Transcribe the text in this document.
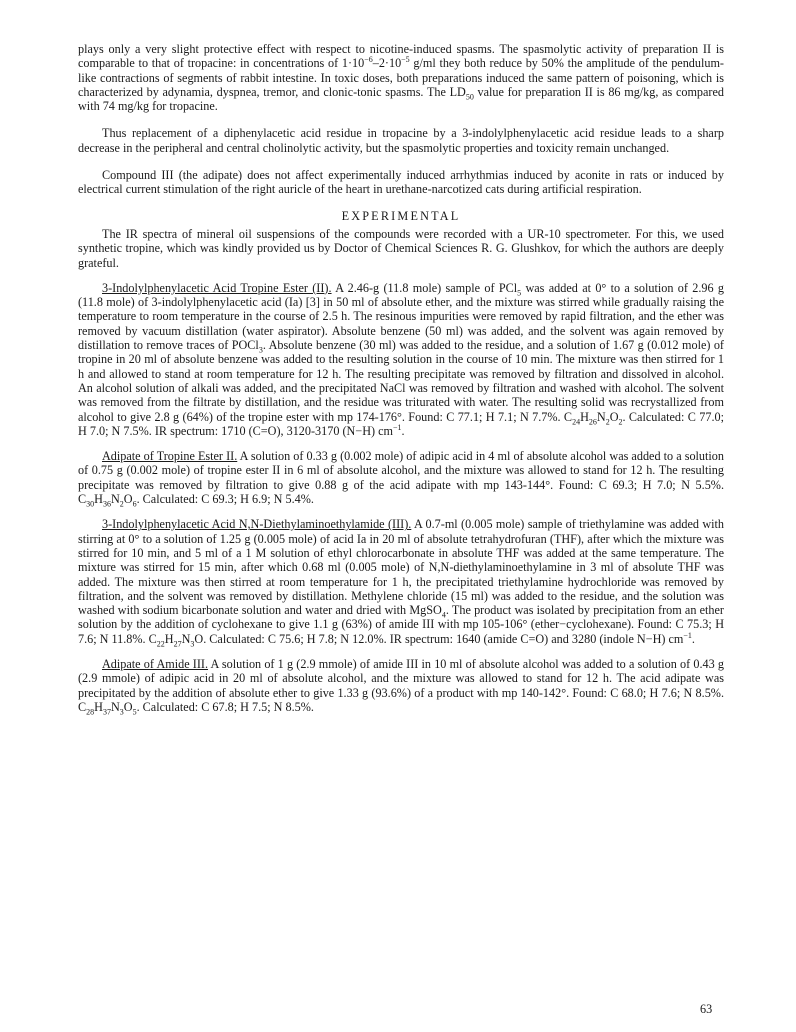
plays only a very slight protective effect with respect to nicotine-induced spasms. The spasmolytic activity of preparation II is comparable to that of tropacine: in concentrations of $1\cdot 10^{-6}-2\cdot 10^{-5}$ g/ml they both reduce by 50% the amplitude of the pendulum-like contractions of segments of rabbit intestine. In toxic doses, both preparations induced the same pattern of poisoning, which is characterized by adynamia, dyspnea, tremor, and clonic-tonic spasms. The $LD_{50}$ value for preparation II is 86 mg/kg, as compared with 74 mg/kg for tropacine.

Thus replacement of a diphenylacetic acid residue in tropacine by a 3-indolylphenylacetic acid residue leads to a sharp decrease in the peripheral and central cholinolytic activity, but the spasmolytic properties and toxicity remain unchanged.

Compound III (the adipate) does not affect experimentally induced arrhythmias induced by aconite in rats or induced by electrical current stimulation of the right auricle of the heart in urethane-narcotized cats during artificial respiration.

EXPERIMENTAL

The IR spectra of mineral oil suspensions of the compounds were recorded with a UR-10 spectrometer. For this, we used synthetic tropine, which was kindly provided us by Doctor of Chemical Sciences R. G. Glushkov, for which the authors are deeply grateful.

3-Indolylphenylacetic Acid Tropine Ester (II). A 2.46-g (11.8 mole) sample of PCl$_5$ was added at 0° to a solution of 2.96 g (11.8 mole) of 3-indolylphenylacetic acid (Ia) [3] in 50 ml of absolute ether, and the mixture was stirred while gradually raising the temperature to room temperature in the course of 2.5 h. The resinous impurities were removed by rapid filtration, and the ether was removed by vacuum distillation (water aspirator). Absolute benzene (50 ml) was added, and the solvent was again removed by distillation to remove traces of POCl$_3$. Absolute benzene (30 ml) was added to the residue, and a solution of 1.67 g (0.012 mole) of tropine in 20 ml of absolute benzene was added to the resulting solution in the course of 10 min. The mixture was then stirred for 1 h and allowed to stand at room temperature for 12 h. The resulting precipitate was removed by filtration and dissolved in alcohol. An alcohol solution of alkali was added, and the precipitated NaCl was removed by filtration and washed with alcohol. The solvent was removed from the filtrate by distillation, and the residue was triturated with water. The resulting solid was recrystallized from alcohol to give 2.8 g (64%) of the tropine ester with mp 174-176°. Found: C 77.1; H 7.1; N 7.7%. $C_{24}H_{26}N_2O_2$. Calculated: C 77.0; H 7.0; N 7.5%. IR spectrum: 1710 (C=O), 3120-3170 (N−H) $cm^{-1}$.

Adipate of Tropine Ester II. A solution of 0.33 g (0.002 mole) of adipic acid in 4 ml of absolute alcohol was added to a solution of 0.75 g (0.002 mole) of tropine ester II in 6 ml of absolute alcohol, and the mixture was allowed to stand for 12 h. The resulting precipitate was removed by filtration to give 0.88 g of the acid adipate with mp 143-144°. Found: C 69.3; H 7.0; N 5.5%. $C_{30}H_{36}N_2O_6$. Calculated: C 69.3; H 6.9; N 5.4%.

3-Indolylphenylacetic Acid N,N-Diethylaminoethylamide (III). A 0.7-ml (0.005 mole) sample of triethylamine was added with stirring at 0° to a solution of 1.25 g (0.005 mole) of acid Ia in 20 ml of absolute tetrahydrofuran (THF), after which the mixture was stirred for 10 min, and 5 ml of a 1 M solution of ethyl chlorocarbonate in absolute THF was added at the same temperature. The mixture was stirred for 15 min, after which 0.68 ml (0.005 mole) of N,N-diethylaminoethylamine in 3 ml of absolute THF was added. The mixture was then stirred at room temperature for 1 h, the precipitated triethylamine hydrochloride was removed by filtration, and the solvent was removed by distillation. Methylene chloride (15 ml) was added to the residue, and the solution was washed with sodium bicarbonate solution and water and dried with MgSO$_4$. The product was isolated by precipitation from an ether solution by the addition of cyclohexane to give 1.1 g (63%) of amide III with mp 105-106° (ether−cyclohexane). Found: C 75.3; H 7.6; N 11.8%. $C_{22}H_{27}N_3O$. Calculated: C 75.6; H 7.8; N 12.0%. IR spectrum: 1640 (amide C=O) and 3280 (indole N−H) $cm^{-1}$.

Adipate of Amide III. A solution of 1 g (2.9 mmole) of amide III in 10 ml of absolute alcohol was added to a solution of 0.43 g (2.9 mmole) of adipic acid in 20 ml of absolute alcohol, and the mixture was allowed to stand for 12 h. The acid adipate was precipitated by the addition of absolute ether to give 1.33 g (93.6%) of a product with mp 140-142°. Found: C 68.0; H 7.6; N 8.5%. $C_{28}H_{37}N_3O_5$. Calculated: C 67.8; H 7.5; N 8.5%.

63
